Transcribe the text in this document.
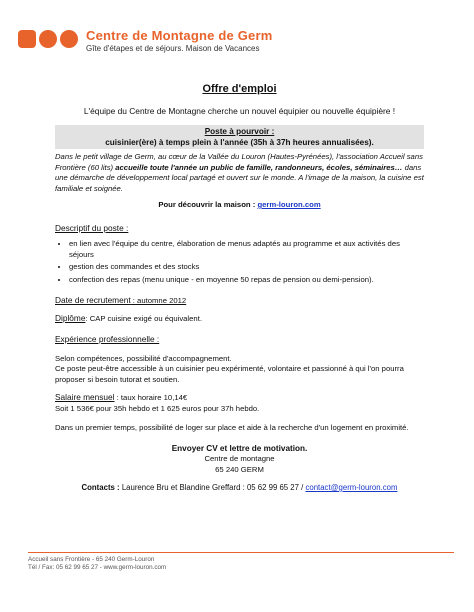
Centre de Montagne de Germ
Gîte d'étapes et de séjours. Maison de Vacances
Offre d'emploi
L'équipe du Centre de Montagne cherche un nouvel équipier ou nouvelle équipière !
Poste à pourvoir :
cuisinier(ère) à temps plein à l'année (35h à 37h heures annualisées).

Dans le petit village de Germ, au cœur de la Vallée du Louron (Hautes-Pyrénées), l'association Accueil sans Frontière (60 lits) accueille toute l'année un public de famille, randonneurs, écoles, séminaires… dans une démarche de développement local partagé et ouvert sur le monde. A l'image de la maison, la cuisine est familiale et soignée.

Pour découvrir la maison : germ-louron.com
Descriptif du poste :
• en lien avec l'équipe du centre, élaboration de menus adaptés au programme et aux activités des séjours
• gestion des commandes et des stocks
• confection des repas (menu unique - en moyenne 50 repas de pension ou demi-pension).
Date de recrutement : automne 2012
Diplôme: CAP cuisine exigé ou équivalent.
Expérience professionnelle :
Selon compétences, possibilité d'accompagnement.
Ce poste peut-être accessible à un cuisinier peu expérimenté, volontaire et passionné à qui l'on pourra proposer si besoin tutorat et soutien.
Salaire mensuel : taux horaire 10,14€
Soit 1 536€ pour 35h hebdo et 1 625 euros pour 37h hebdo.
Dans un premier temps, possibilité de loger sur place et aide à la recherche d'un logement en proximité.
Envoyer CV et lettre de motivation.
Centre de montagne
65 240 GERM
Contacts : Laurence Bru et Blandine Greffard : 05 62 99 65 27 / contact@germ-louron.com
Accueil sans Frontière - 65 240 Germ-Louron
Tél / Fax: 05 62 99 65 27 - www.germ-louron.com
